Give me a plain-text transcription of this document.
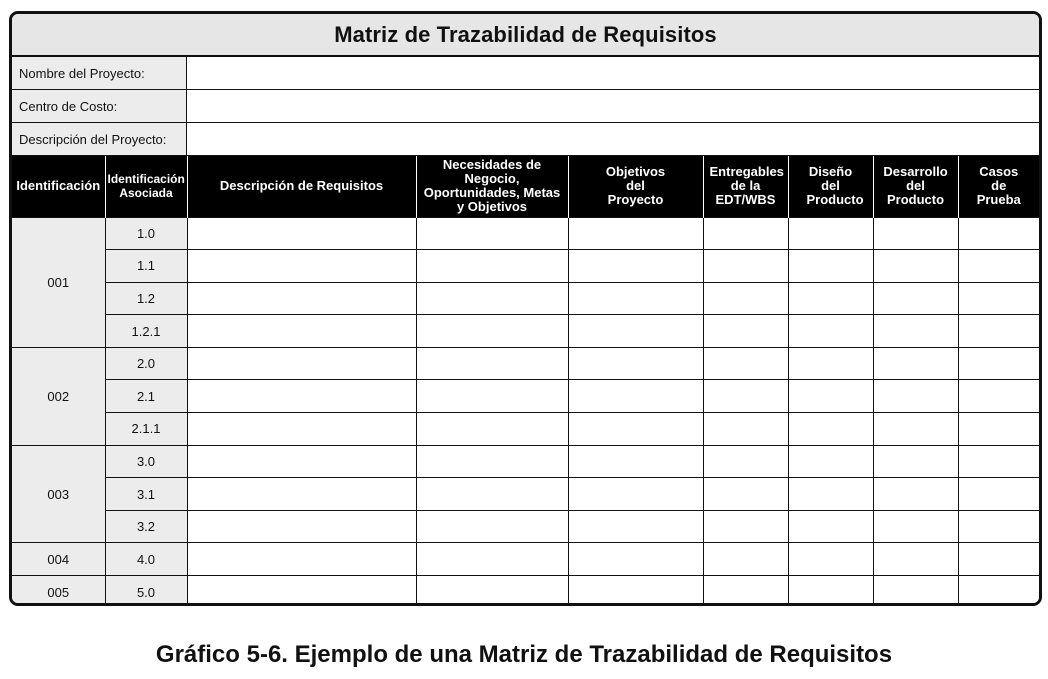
Matriz de Trazabilidad de Requisitos
Nombre del Proyecto:
Centro de Costo:
Descripción del Proyecto:
Identificación	Identificación Asociada	Descripción de Requisitos	Necesidades de Negocio, Oportunidades, Metas y Objetivos	Objetivos del Proyecto	Entregables de la EDT/WBS	Diseño del Producto	Desarrollo del Producto	Casos de Prueba
001	1.0							
	1.1							
	1.2							
	1.2.1							
002	2.0							
	2.1							
	2.1.1							
003	3.0							
	3.1							
	3.2							
004	4.0							
005	5.0							
Gráfico 5-6. Ejemplo de una Matriz de Trazabilidad de Requisitos
